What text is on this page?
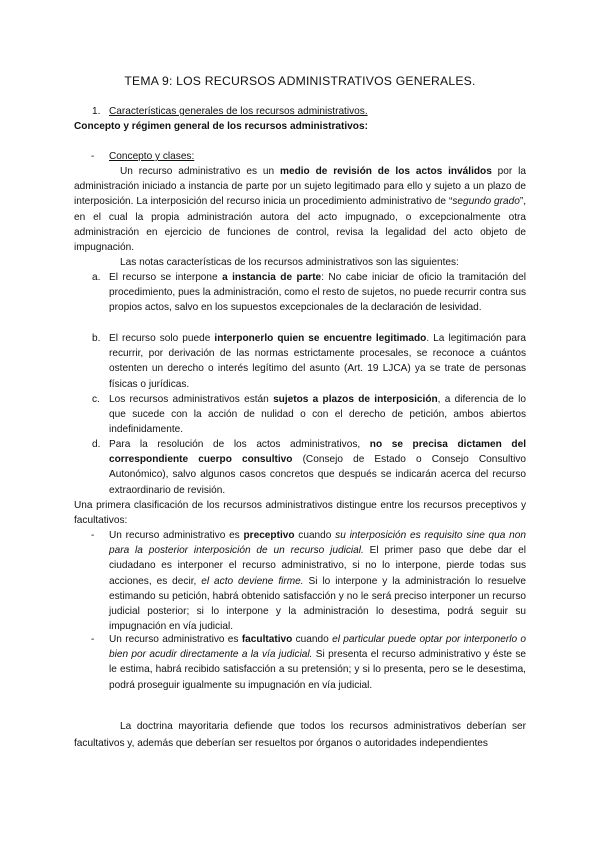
TEMA 9: LOS RECURSOS ADMINISTRATIVOS GENERALES.
1. Características generales de los recursos administrativos.
Concepto y régimen general de los recursos administrativos:
- Concepto y clases:

Un recurso administrativo es un medio de revisión de los actos inválidos por la administración iniciado a instancia de parte por un sujeto legitimado para ello y sujeto a un plazo de interposición. La interposición del recurso inicia un procedimiento administrativo de “segundo grado”, en el cual la propia administración autora del acto impugnado, o excepcionalmente otra administración en ejercicio de funciones de control, revisa la legalidad del acto objeto de impugnación.

Las notas características de los recursos administrativos son las siguientes:
a. El recurso se interpone a instancia de parte: No cabe iniciar de oficio la tramitación del procedimiento, pues la administración, como el resto de sujetos, no puede recurrir contra sus propios actos, salvo en los supuestos excepcionales de la declaración de lesividad.

b. El recurso solo puede interponerlo quien se encuentre legitimado. La legitimación para recurrir, por derivación de las normas estrictamente procesales, se reconoce a cuántos ostenten un derecho o interés legítimo del asunto (Art. 19 LJCA) ya se trate de personas físicas o jurídicas.

c. Los recursos administrativos están sujetos a plazos de interposición, a diferencia de lo que sucede con la acción de nulidad o con el derecho de petición, ambos abiertos indefinidamente.

d. Para la resolución de los actos administrativos, no se precisa dictamen del correspondiente cuerpo consultivo (Consejo de Estado o Consejo Consultivo Autonómico), salvo algunos casos concretos que después se indicarán acerca del recurso extraordinario de revisión.

Una primera clasificación de los recursos administrativos distingue entre los recursos preceptivos y facultativos:

- Un recurso administrativo es preceptivo cuando su interposición es requisito sine qua non para la posterior interposición de un recurso judicial. El primer paso que debe dar el ciudadano es interponer el recurso administrativo, si no lo interpone, pierde todas sus acciones, es decir, el acto deviene firme. Si lo interpone y la administración lo resuelve estimando su petición, habrá obtenido satisfacción y no le será preciso interponer un recurso judicial posterior; si lo interpone y la administración lo desestima, podrá seguir su impugnación en vía judicial.

- Un recurso administrativo es facultativo cuando el particular puede optar por interponerlo o bien por acudir directamente a la vía judicial. Si presenta el recurso administrativo y éste se le estima, habrá recibido satisfacción a su pretensión; y si lo presenta, pero se le desestima, podrá proseguir igualmente su impugnación en vía judicial.

La doctrina mayoritaria defiende que todos los recursos administrativos deberían ser facultativos y, además que deberían ser resueltos por órganos o autoridades independientes
